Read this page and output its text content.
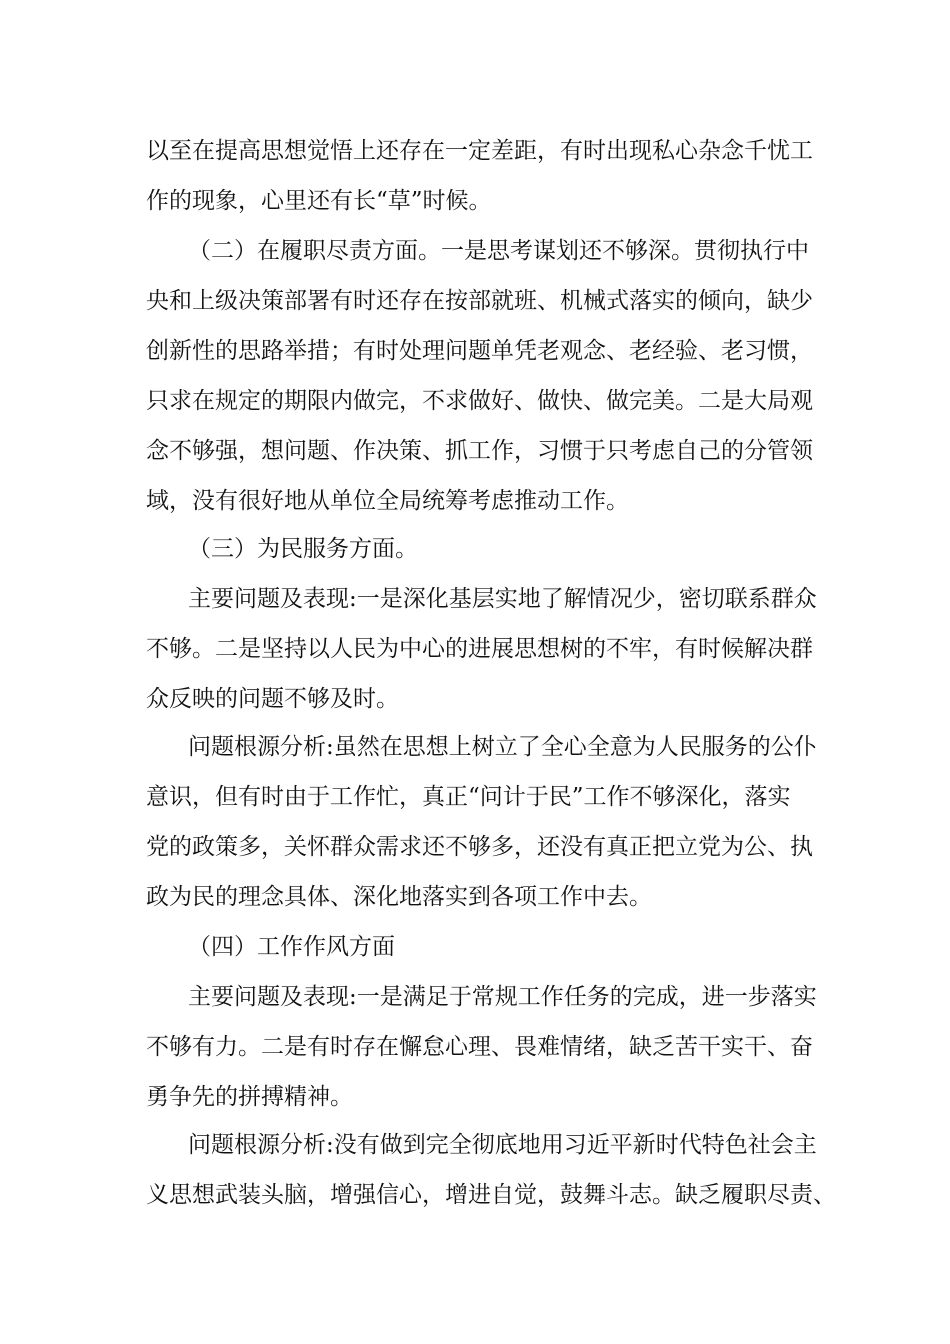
以至在提高思想觉悟上还存在一定差距，有时出现私心杂念千忧工
作的现象，心里还有长“草”时候。
（二）在履职尽责方面。一是思考谋划还不够深。贯彻执行中
央和上级决策部署有时还存在按部就班、机械式落实的倾向，缺少
创新性的思路举措；有时处理问题单凭老观念、老经验、老习惯，
只求在规定的期限内做完，不求做好、做快、做完美。二是大局观
念不够强，想问题、作决策、抓工作，习惯于只考虑自己的分管领
域，没有很好地从单位全局统筹考虑推动工作。
（三）为民服务方面。
主要问题及表现:一是深化基层实地了解情况少，密切联系群众
不够。二是坚持以人民为中心的进展思想树的不牢，有时候解决群
众反映的问题不够及时。
问题根源分析:虽然在思想上树立了全心全意为人民服务的公仆
意识，但有时由于工作忙，真正“问计于民”工作不够深化，落实
党的政策多，关怀群众需求还不够多，还没有真正把立党为公、执
政为民的理念具体、深化地落实到各项工作中去。
（四）工作作风方面
主要问题及表现:一是满足于常规工作任务的完成，进一步落实
不够有力。二是有时存在懈怠心理、畏难情绪，缺乏苦干实干、奋
勇争先的拼搏精神。
问题根源分析:没有做到完全彻底地用习近平新时代特色社会主
义思想武装头脑，增强信心，增进自觉，鼓舞斗志。缺乏履职尽责、
